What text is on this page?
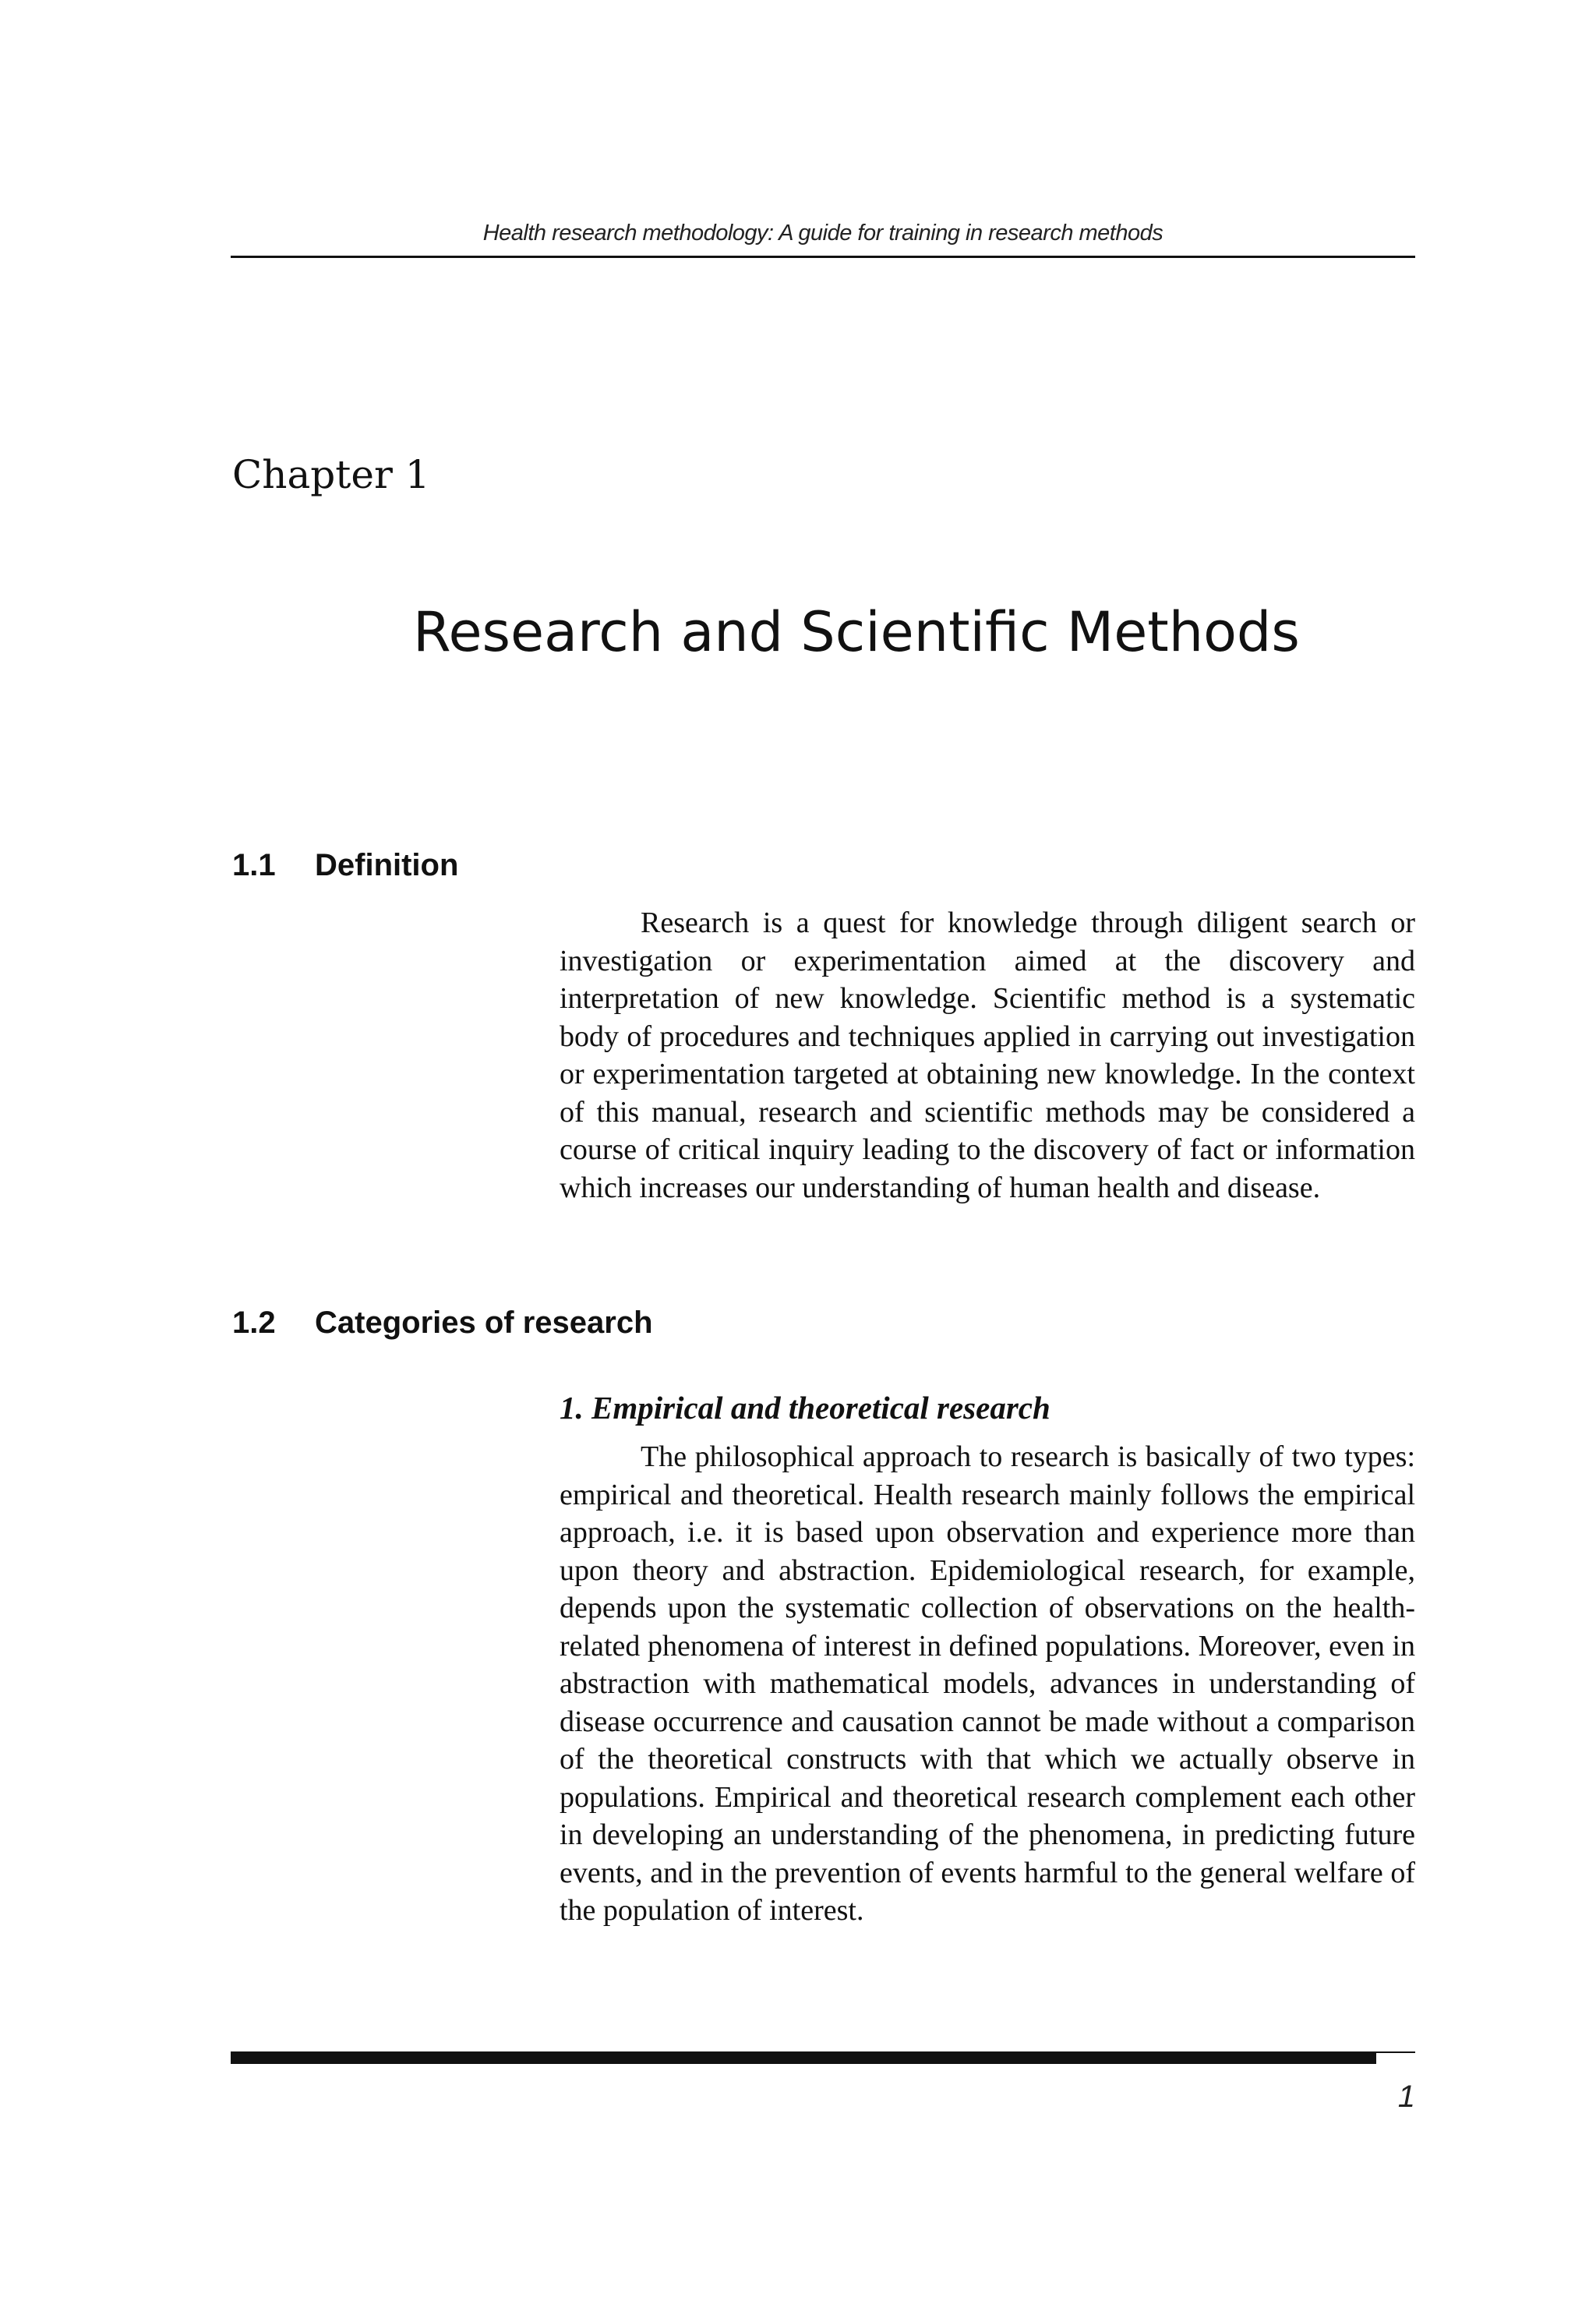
Health research methodology: A guide for training in research methods
Chapter 1
Research and Scientific Methods
1.1 Definition

Research is a quest for knowledge through diligent search or investigation or experimentation aimed at the discovery and interpretation of new knowledge. Scientific method is a systematic body of procedures and techniques applied in carrying out investigation or experimentation targeted at obtaining new knowledge. In the context of this manual, research and scientific methods may be considered a course of critical inquiry leading to the discovery of fact or information which increases our understanding of human health and disease.

1.2 Categories of research
1. Empirical and theoretical research

The philosophical approach to research is basically of two types: empirical and theoretical. Health research mainly follows the empirical approach, i.e. it is based upon observation and experience more than upon theory and abstraction. Epidemiological research, for example, depends upon the systematic collection of observations on the health-related phenomena of interest in defined populations. Moreover, even in abstraction with mathematical models, advances in understanding of disease occurrence and causation cannot be made without a comparison of the theoretical constructs with that which we actually observe in populations. Empirical and theoretical research complement each other in developing an understanding of the phenomena, in predicting future events, and in the prevention of events harmful to the general welfare of the population of interest.

1
